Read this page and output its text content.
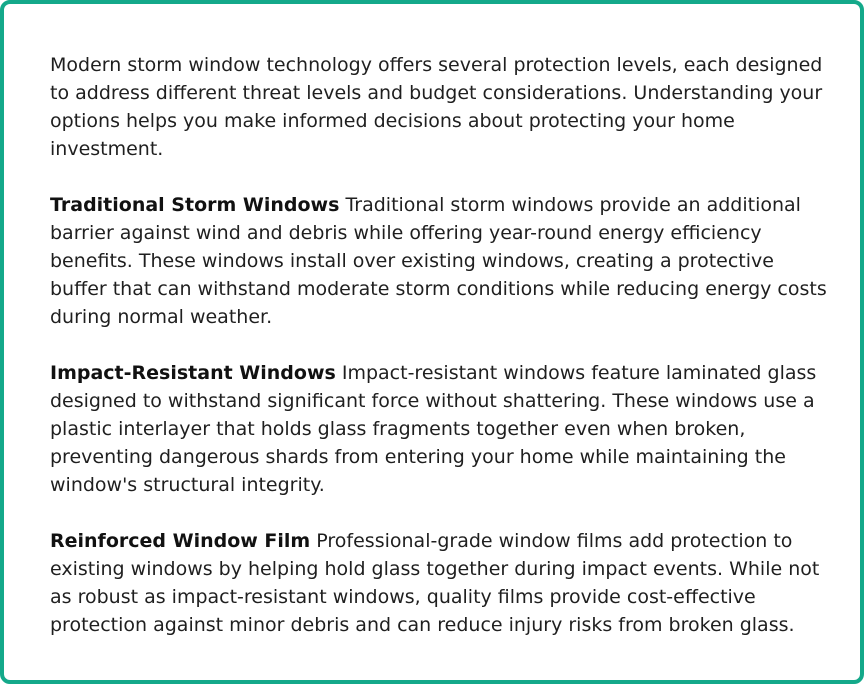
Modern storm window technology offers several protection levels, each designed to address different threat levels and budget considerations. Understanding your options helps you make informed decisions about protecting your home investment.

Traditional Storm Windows Traditional storm windows provide an additional barrier against wind and debris while offering year-round energy efficiency benefits. These windows install over existing windows, creating a protective buffer that can withstand moderate storm conditions while reducing energy costs during normal weather.

Impact-Resistant Windows Impact-resistant windows feature laminated glass designed to withstand significant force without shattering. These windows use a plastic interlayer that holds glass fragments together even when broken, preventing dangerous shards from entering your home while maintaining the window's structural integrity.

Reinforced Window Film Professional-grade window films add protection to existing windows by helping hold glass together during impact events. While not as robust as impact-resistant windows, quality films provide cost-effective protection against minor debris and can reduce injury risks from broken glass.
